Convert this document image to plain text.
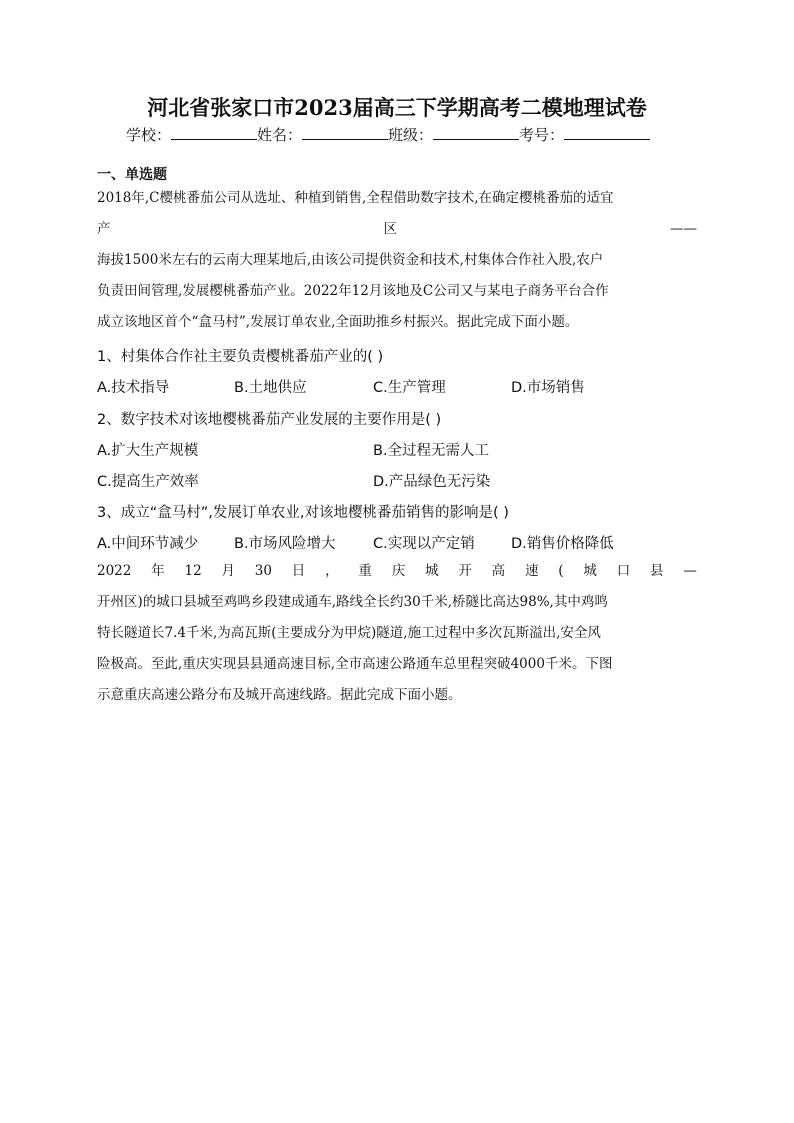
河北省张家口市2023届高三下学期高考二模地理试卷
学校：	姓名：	班级：	考号：
一、单选题
2018年,C樱桃番茄公司从选址、种植到销售,全程借助数字技术,在确定樱桃番茄的适宜
产	区	——
海拔1500米左右的云南大理某地后,由该公司提供资金和技术,村集体合作社入股,农户
负责田间管理,发展樱桃番茄产业。2022年12月该地及C公司又与某电子商务平台合作
成立该地区首个“盒马村”,发展订单农业,全面助推乡村振兴。据此完成下面小题。
1、村集体合作社主要负责樱桃番茄产业的( )
A.技术指导	B.土地供应	C.生产管理	D.市场销售
2、数字技术对该地樱桃番茄产业发展的主要作用是( )
A.扩大生产规模	B.全过程无需人工
C.提高生产效率	D.产品绿色无污染
3、成立“盒马村”,发展订单农业,对该地樱桃番茄销售的影响是( )
A.中间环节减少 B.市场风险增大	C.实现以产定销	D.销售价格降低
2022 年 12 月 30 日 ， 重 庆 城 开 高 速 ( 城 口 县 —
开州区)的城口县城至鸡鸣乡段建成通车,路线全长约30千米,桥隧比高达98%,其中鸡鸣
特长隧道长7.4千米,为高瓦斯(主要成分为甲烷)隧道,施工过程中多次瓦斯溢出,安全风
险极高。至此,重庆实现县县通高速目标,全市高速公路通车总里程突破4000千米。下图
示意重庆高速公路分布及城开高速线路。据此完成下面小题。
